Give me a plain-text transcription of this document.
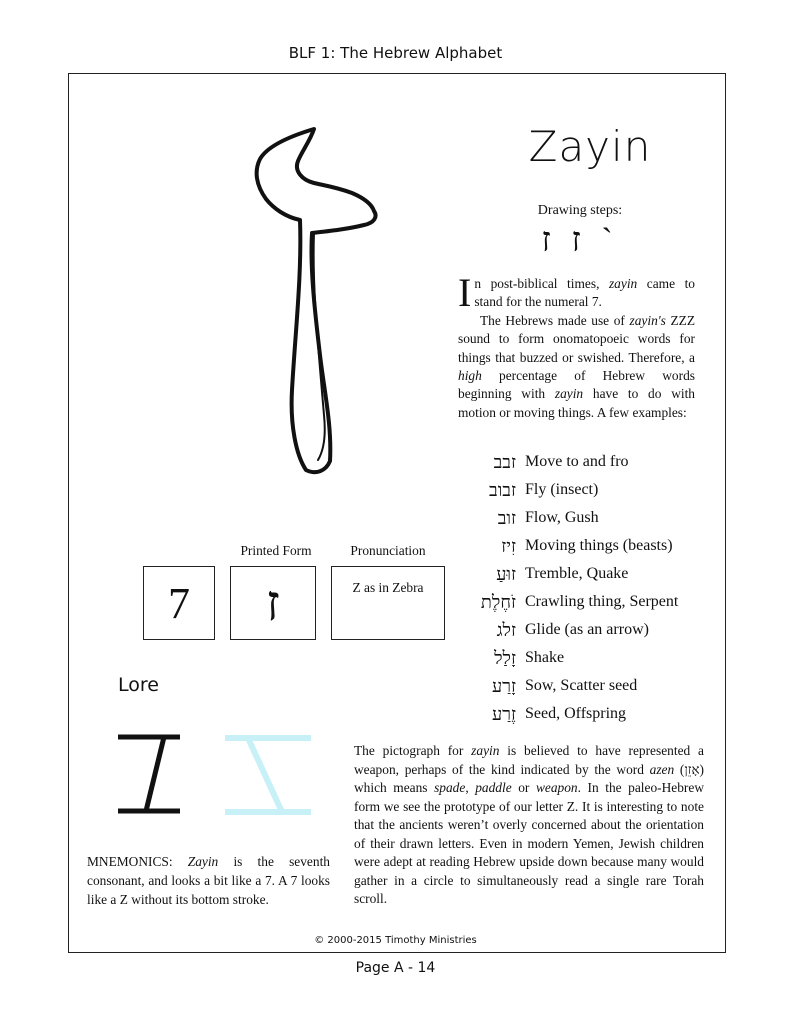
BLF 1: The Hebrew Alphabet
Zayin
Drawing steps:
ˋ ז ז

In post-biblical times, zayin came to stand for the numeral 7.

The Hebrews made use of zayin's ZZZ sound to form onomatopoeic words for things that buzzed or swished. Therefore, a high percentage of Hebrew words beginning with zayin have to do with motion or moving things. A few examples:

זבב Move to and fro
זבוב Fly (insect)
זוב Flow, Gush
זִיז Moving things (beasts)
זוּעַ Tremble, Quake
זֹחֶלֶת Crawling thing, Serpent
זלג Glide (as an arrow)
זָלַל Shake
זָרַע Sow, Scatter seed
זֶרַע Seed, Offspring
Printed Form	Pronunciation
7	ז	Z as in Zebra
Lore
The pictograph for zayin is believed to have represented a weapon, perhaps of the kind indicated by the word azen (אָזֵן) which means spade, paddle or weapon. In the paleo-Hebrew form we see the prototype of our letter Z. It is interesting to note that the ancients weren’t overly concerned about the orientation of their drawn letters. Even in modern Yemen, Jewish children were adept at reading Hebrew upside down because many would gather in a circle to simultaneously read a single rare Torah scroll.
MNEMONICS: Zayin is the seventh consonant, and looks a bit like a 7. A 7 looks like a Z without its bottom stroke.
© 2000-2015 Timothy Ministries
Page A - 14
